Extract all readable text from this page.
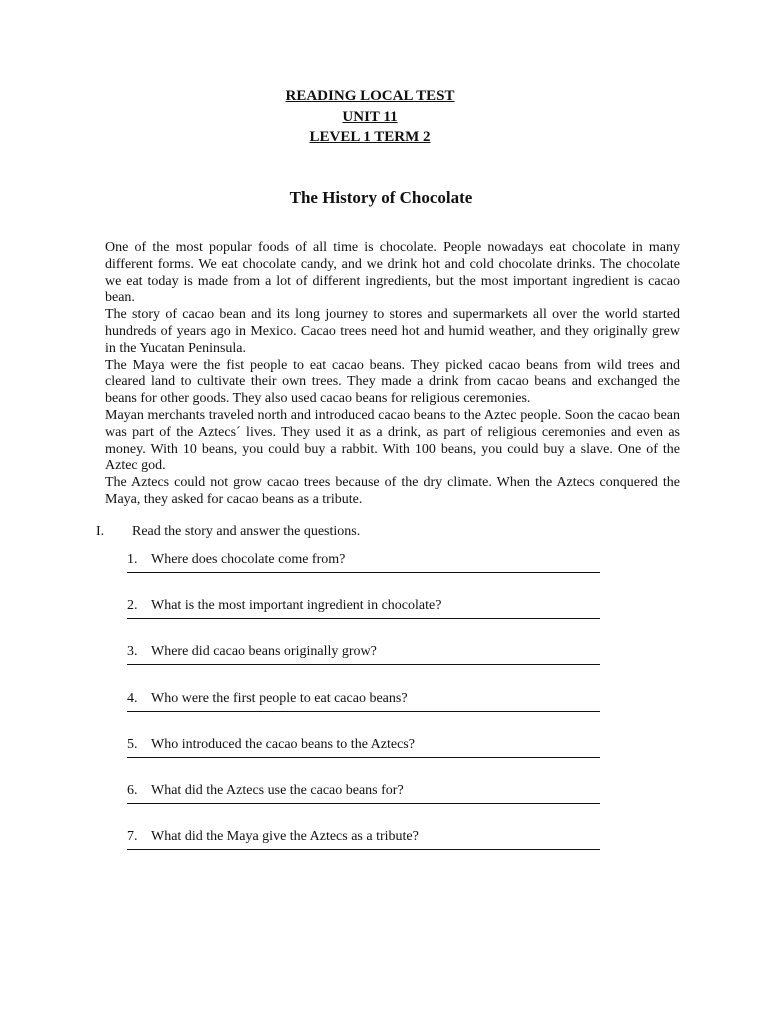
READING LOCAL TEST
UNIT 11
LEVEL 1 TERM 2
The History of Chocolate

One of the most popular foods of all time is chocolate. People nowadays eat chocolate in many different forms. We eat chocolate candy, and we drink hot and cold chocolate drinks. The chocolate we eat today is made from a lot of different ingredients, but the most important ingredient is cacao bean.

The story of cacao bean and its long journey to stores and supermarkets all over the world started hundreds of years ago in Mexico. Cacao trees need hot and humid weather, and they originally grew in the Yucatan Peninsula.

The Maya were the fist people to eat cacao beans. They picked cacao beans from wild trees and cleared land to cultivate their own trees. They made a drink from cacao beans and exchanged the beans for other goods. They also used cacao beans for religious ceremonies.

Mayan merchants traveled north and introduced cacao beans to the Aztec people. Soon the cacao bean was part of the Aztecs´ lives. They used it as a drink, as part of religious ceremonies and even as money. With 10 beans, you could buy a rabbit. With 100 beans, you could buy a slave. One of the Aztec god.

The Aztecs could not grow cacao trees because of the dry climate. When the Aztecs conquered the Maya, they asked for cacao beans as a tribute.

I. Read the story and answer the questions.
1. Where does chocolate come from?
2. What is the most important ingredient in chocolate?
3. Where did cacao beans originally grow?
4. Who were the first people to eat cacao beans?
5. Who introduced the cacao beans to the Aztecs?
6. What did the Aztecs use the cacao beans for?
7. What did the Maya give the Aztecs as a tribute?
